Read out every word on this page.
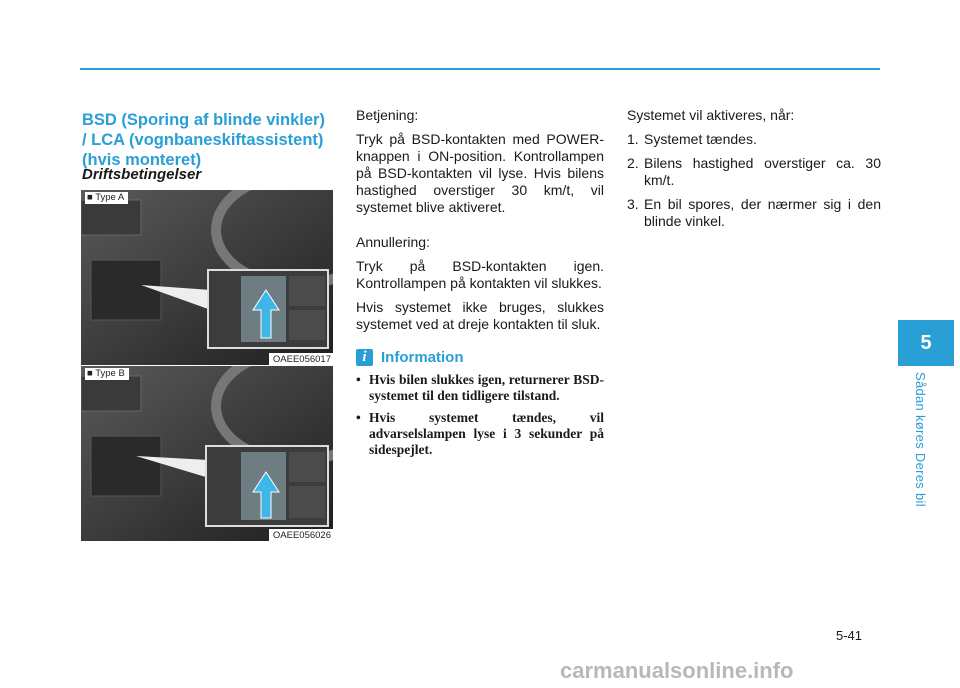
BSD (Sporing af blinde vinkler) / LCA (vognbaneskiftassistent) (hvis monteret)
Driftsbetingelser
■ Type A
OAEE056017
■ Type B
OAEE056026

Betjening:

Tryk på BSD-kontakten med POWER-knappen i ON-position. Kontrollampen på BSD-kontakten vil lyse. Hvis bilens hastighed overstiger 30 km/t, vil systemet blive aktiveret.

Annullering:

Tryk på BSD-kontakten igen. Kontrollampen på kontakten vil slukkes.

Hvis systemet ikke bruges, slukkes systemet ved at dreje kontakten til sluk.

i Information
• Hvis bilen slukkes igen, returnerer BSD-systemet til den tidligere tilstand.
• Hvis systemet tændes, vil advarselslampen lyse i 3 sekunder på sidespejlet.

Systemet vil aktiveres, når:

1. Systemet tændes.
2. Bilens hastighed overstiger ca. 30 km/t.
3. En bil spores, der nærmer sig i den blinde vinkel.
5
Sådan køres Deres bil
5-41
carmanualsonline.info
